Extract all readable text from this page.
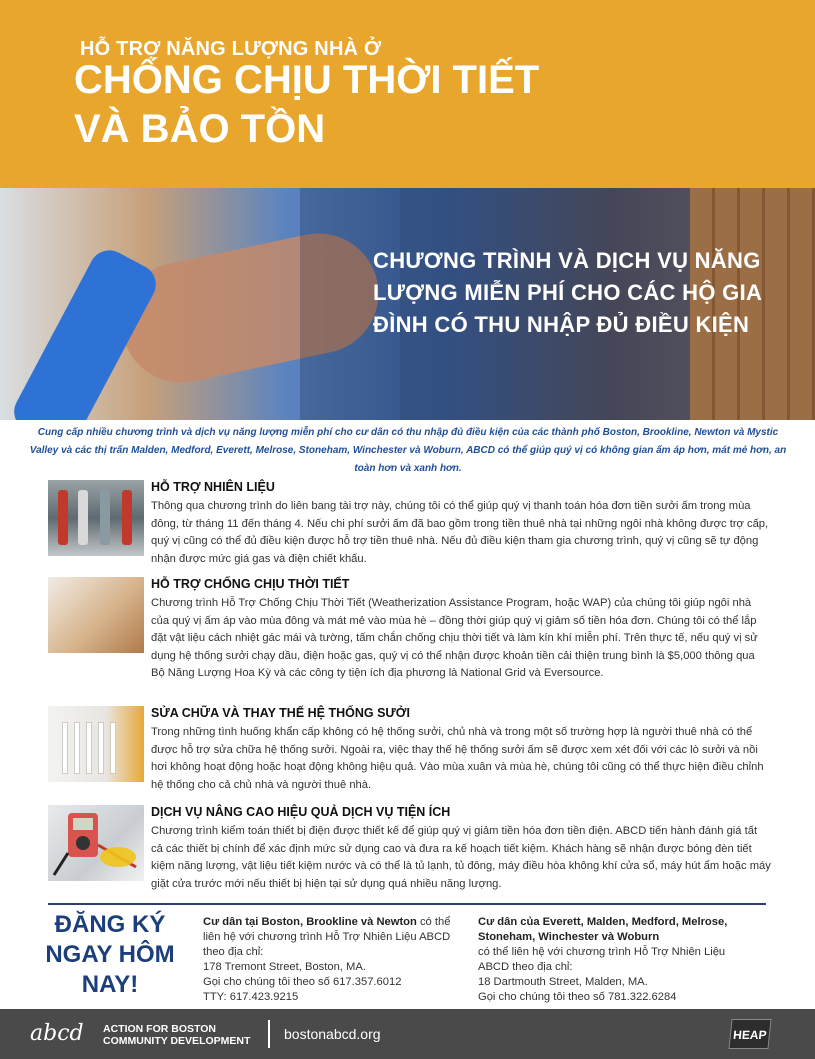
HỖ TRỢ NĂNG LƯỢNG NHÀ Ở
CHỐNG CHỊU THỜI TIẾT
VÀ BẢO TỒN
CHƯƠNG TRÌNH VÀ DỊCH VỤ NĂNG LƯỢNG MIỄN PHÍ CHO CÁC HỘ GIA ĐÌNH CÓ THU NHẬP ĐỦ ĐIỀU KIỆN
Cung cấp nhiều chương trình và dịch vụ năng lượng miễn phí cho cư dân có thu nhập đủ điều kiện của các thành phố Boston, Brookline, Newton và Mystic Valley và các thị trấn Malden, Medford, Everett, Melrose, Stoneham, Winchester và Woburn, ABCD có thể giúp quý vị có không gian ấm áp hơn, mát mẻ hơn, an toàn hơn và xanh hơn.
HỖ TRỢ NHIÊN LIỆU
Thông qua chương trình do liên bang tài trợ này, chúng tôi có thể giúp quý vị thanh toán hóa đơn tiền sưởi ấm trong mùa đông, từ tháng 11 đến tháng 4. Nếu chi phí sưởi ấm đã bao gồm trong tiền thuê nhà tại những ngôi nhà không được trợ cấp, quý vị cũng có thể đủ điều kiện được hỗ trợ tiền thuê nhà. Nếu đủ điều kiện tham gia chương trình, quý vị cũng sẽ tự động nhận được mức giá gas và điện chiết khấu.
HỖ TRỢ CHỐNG CHỊU THỜI TIẾT
Chương trình Hỗ Trợ Chống Chịu Thời Tiết (Weatherization Assistance Program, hoặc WAP) của chúng tôi giúp ngôi nhà của quý vị ấm áp vào mùa đông và mát mẻ vào mùa hè – đồng thời giúp quý vị giảm số tiền hóa đơn. Chúng tôi có thể lắp đặt vật liệu cách nhiệt gác mái và tường, tấm chắn chống chịu thời tiết và làm kín khí miễn phí. Trên thực tế, nếu quý vị sử dụng hệ thống sưởi chạy dầu, điện hoặc gas, quý vị có thể nhận được khoản tiền cải thiện trung bình là $5,000 thông qua Bộ Năng Lượng Hoa Kỳ và các công ty tiện ích địa phương là National Grid và Eversource.
SỬA CHỮA VÀ THAY THẾ HỆ THỐNG SƯỞI
Trong những tình huống khẩn cấp không có hệ thống sưởi, chủ nhà và trong một số trường hợp là người thuê nhà có thể được hỗ trợ sửa chữa hệ thống sưởi. Ngoài ra, việc thay thế hệ thống sưởi ấm sẽ được xem xét đối với các lò sưởi và nồi hơi không hoạt động hoặc hoạt động không hiệu quả. Vào mùa xuân và mùa hè, chúng tôi cũng có thể thực hiện điều chỉnh hệ thống cho cả chủ nhà và người thuê nhà.
DỊCH VỤ NÂNG CAO HIỆU QUẢ DỊCH VỤ TIỆN ÍCH
Chương trình kiểm toán thiết bị điện được thiết kế để giúp quý vị giảm tiền hóa đơn tiền điện. ABCD tiến hành đánh giá tất cả các thiết bị chính để xác định mức sử dụng cao và đưa ra kế hoạch tiết kiệm. Khách hàng sẽ nhận được bóng đèn tiết kiệm năng lượng, vật liệu tiết kiệm nước và có thể là tủ lạnh, tủ đông, máy điều hòa không khí cửa sổ, máy hút ẩm hoặc máy giặt cửa trước mới nếu thiết bị hiện tại sử dụng quá nhiều năng lượng.
ĐĂNG KÝ
NGAY HÔM
NAY!
Cư dân tại Boston, Brookline và Newton có thể liên hệ với chương trình Hỗ Trợ Nhiên Liệu ABCD theo địa chỉ:
178 Tremont Street, Boston, MA.
Gọi cho chúng tôi theo số 617.357.6012
TTY: 617.423.9215
Cư dân của Everett, Malden, Medford, Melrose, Stoneham, Winchester và Woburn
có thể liên hệ với chương trình Hỗ Trợ Nhiên Liệu ABCD theo địa chỉ:
18 Dartmouth Street, Malden, MA.
Gọi cho chúng tôi theo số 781.322.6284
abcd ACTION FOR BOSTON
COMMUNITY DEVELOPMENT bostonabcd.org	HEAP
